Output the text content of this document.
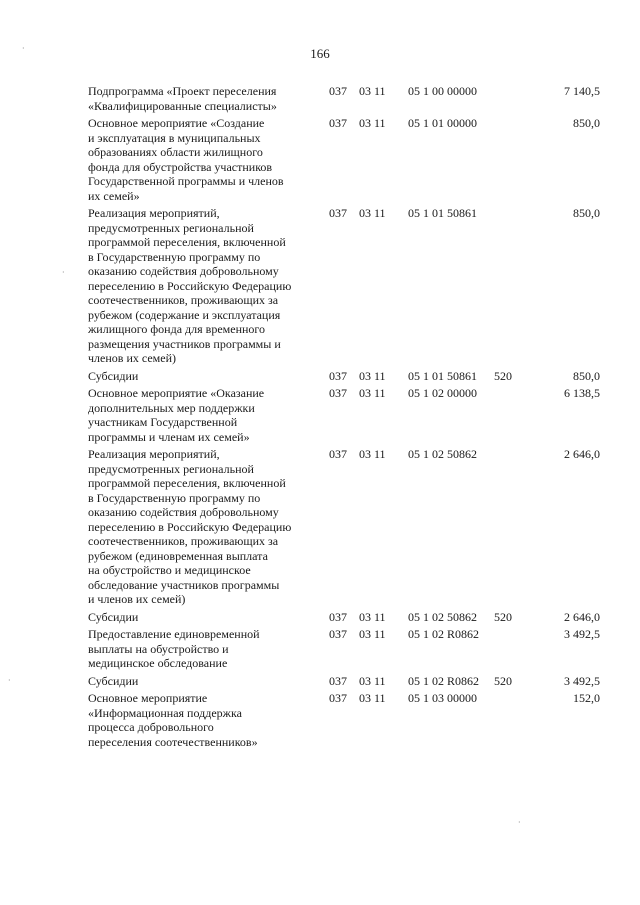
166
Подпрограмма «Проект переселения
«Квалифицированные специалисты»
037 03 11 05 1 00 00000	7 140,5
Основное мероприятие «Создание
и эксплуатация в муниципальных
образованиях области жилищного
фонда для обустройства участников
Государственной программы и членов
их семей»
037 03 11 05 1 01 00000	850,0
Реализация мероприятий,
предусмотренных региональной
программой переселения, включенной
в Государственную программу по
оказанию содействия добровольному
переселению в Российскую Федерацию
соотечественников, проживающих за
рубежом (содержание и эксплуатация
жилищного фонда для временного
размещения участников программы и
членов их семей)
037 03 11 05 1 01 50861	850,0
Субсидии	037 03 11 05 1 01 50861 520	850,0
Основное мероприятие «Оказание
дополнительных мер поддержки
участникам Государственной
программы и членам их семей»
037 03 11 05 1 02 00000	6 138,5
Реализация мероприятий,
предусмотренных региональной
программой переселения, включенной
в Государственную программу по
оказанию содействия добровольному
переселению в Российскую Федерацию
соотечественников, проживающих за
рубежом (единовременная выплата
на обустройство и медицинское
обследование участников программы
и членов их семей)
037 03 11 05 1 02 50862	2 646,0
Субсидии	037 03 11 05 1 02 50862 520	2 646,0
Предоставление единовременной
выплаты на обустройство и
медицинское обследование
037 03 11 05 1 02 R0862	3 492,5
Субсидии	037 03 11 05 1 02 R0862 520	3 492,5
Основное мероприятие
«Информационная поддержка
процесса добровольного
переселения соотечественников»
037 03 11 05 1 03 00000	152,0
·
·
·
·
